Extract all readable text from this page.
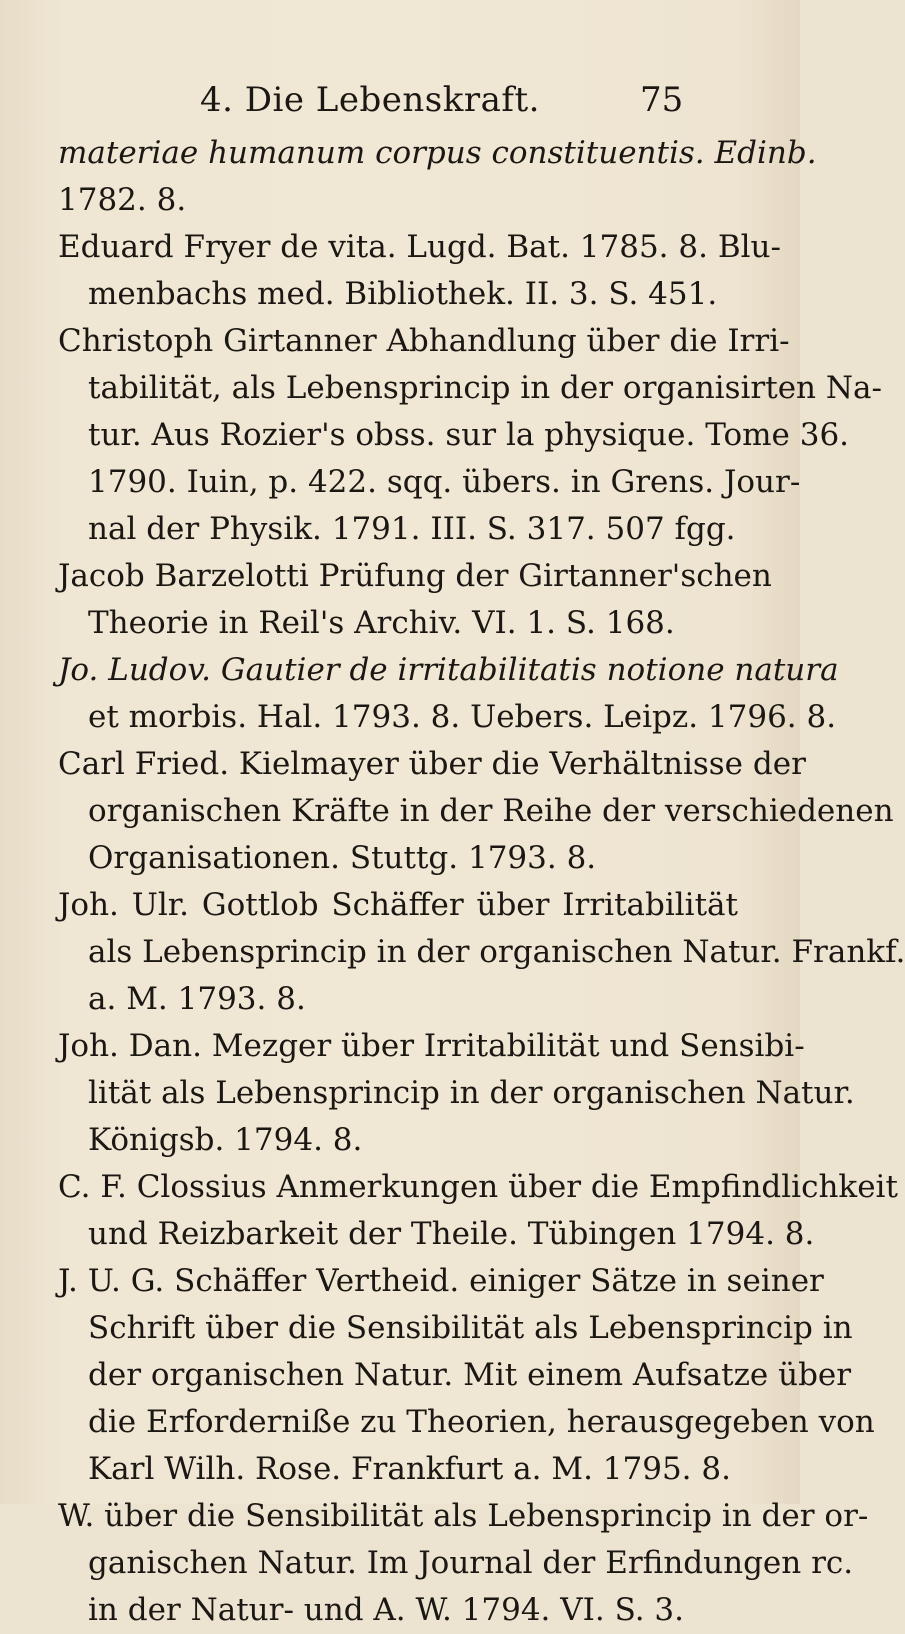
4. Die Lebenskraft.	75
materiae humanum corpus constituentis. Edinb.
1782. 8.
Eduard Fryer de vita. Lugd. Bat. 1785. 8. Blu-
menbachs med. Bibliothek. II. 3. S. 451.
Christoph Girtanner Abhandlung über die Irri-
tabilität, als Lebensprincip in der organisirten Na-
tur. Aus Rozier's obss. sur la physique. Tome 36.
1790. Iuin, p. 422. sqq. übers. in Grens. Jour-
nal der Physik. 1791. III. S. 317. 507 fgg.
Jacob Barzelotti Prüfung der Girtanner'schen
Theorie in Reil's Archiv. VI. 1. S. 168.
Jo. Ludov. Gautier de irritabilitatis notione natura
et morbis. Hal. 1793. 8. Uebers. Leipz. 1796. 8.
Carl Fried. Kielmayer über die Verhältnisse der
organischen Kräfte in der Reihe der verschiedenen
Organisationen. Stuttg. 1793. 8.
Joh. Ulr. Gottlob Schäffer über Irritabilität
als Lebensprincip in der organischen Natur. Frankf.
a. M. 1793. 8.
Joh. Dan. Mezger über Irritabilität und Sensibi-
lität als Lebensprincip in der organischen Natur.
Königsb. 1794. 8.
C. F. Clossius Anmerkungen über die Empfindlichkeit
und Reizbarkeit der Theile. Tübingen 1794. 8.
J. U. G. Schäffer Vertheid. einiger Sätze in seiner
Schrift über die Sensibilität als Lebensprincip in
der organischen Natur. Mit einem Aufsatze über
die Erforderniße zu Theorien, herausgegeben von
Karl Wilh. Rose. Frankfurt a. M. 1795. 8.
W. über die Sensibilität als Lebensprincip in der or-
ganischen Natur. Im Journal der Erfindungen rc.
in der Natur- und A. W. 1794. VI. S. 3.
